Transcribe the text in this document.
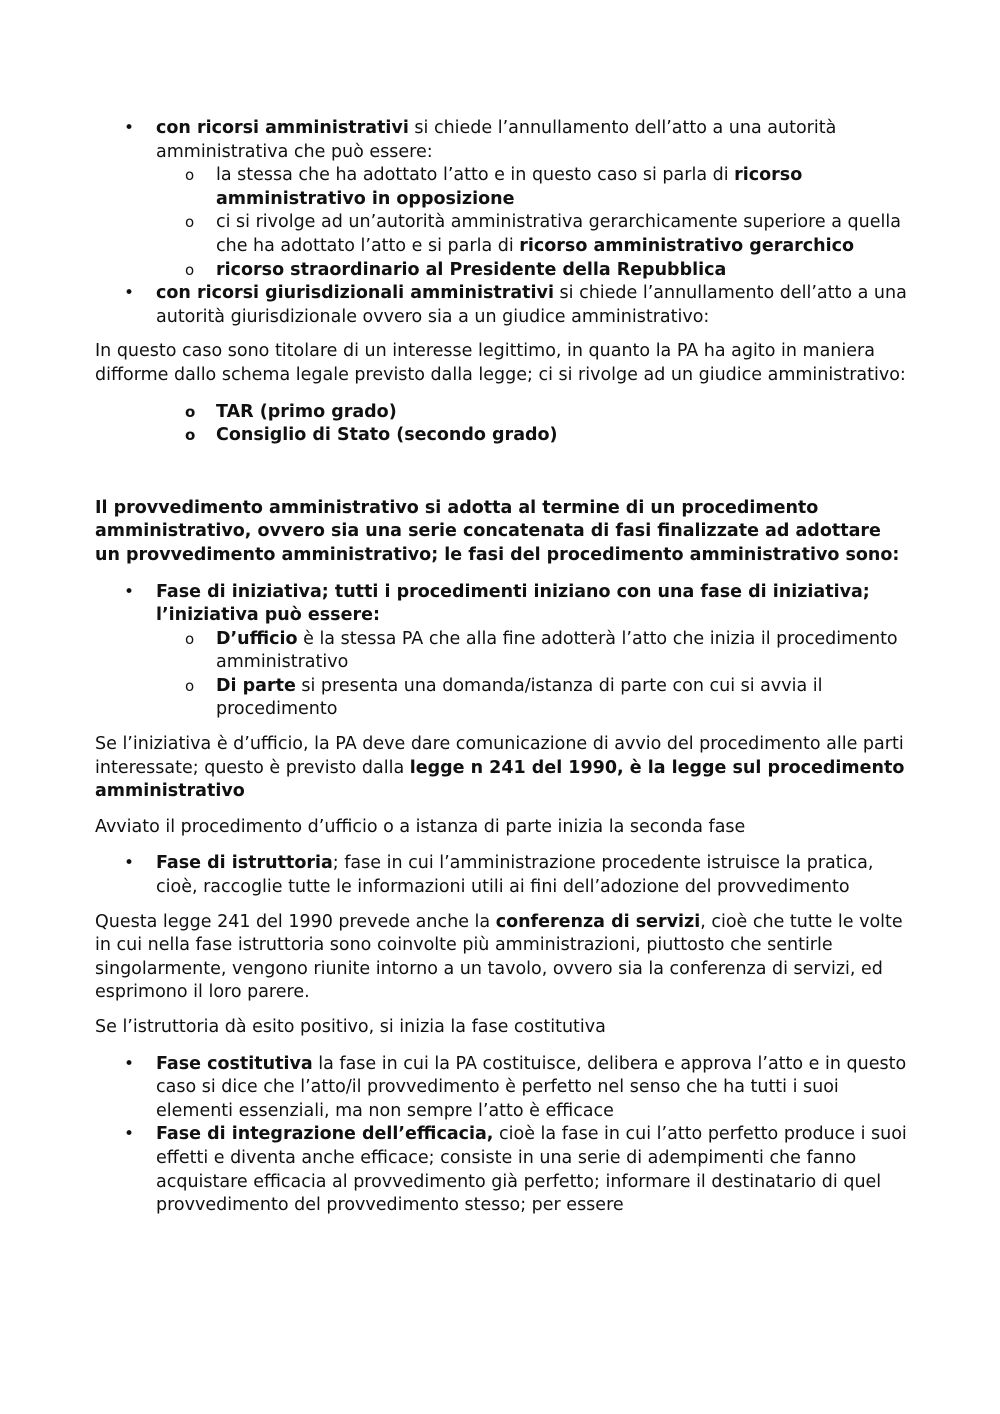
• con ricorsi amministrativi si chiede l’annullamento dell’atto a una autorità amministrativa che può essere:
o la stessa che ha adottato l’atto e in questo caso si parla di ricorso amministrativo in opposizione
o ci si rivolge ad un’autorità amministrativa gerarchicamente superiore a quella che ha adottato l’atto e si parla di ricorso amministrativo gerarchico
o ricorso straordinario al Presidente della Repubblica
• con ricorsi giurisdizionali amministrativi si chiede l’annullamento dell’atto a una autorità giurisdizionale ovvero sia a un giudice amministrativo:

In questo caso sono titolare di un interesse legittimo, in quanto la PA ha agito in maniera difforme dallo schema legale previsto dalla legge; ci si rivolge ad un giudice amministrativo:

o TAR (primo grado)
o Consiglio di Stato (secondo grado)

Il provvedimento amministrativo si adotta al termine di un procedimento amministrativo, ovvero sia una serie concatenata di fasi finalizzate ad adottare un provvedimento amministrativo; le fasi del procedimento amministrativo sono:

• Fase di iniziativa; tutti i procedimenti iniziano con una fase di iniziativa; l’iniziativa può essere:
o D’ufficio è la stessa PA che alla fine adotterà l’atto che inizia il procedimento amministrativo
o Di parte si presenta una domanda/istanza di parte con cui si avvia il procedimento

Se l’iniziativa è d’ufficio, la PA deve dare comunicazione di avvio del procedimento alle parti interessate; questo è previsto dalla legge n 241 del 1990, è la legge sul procedimento amministrativo

Avviato il procedimento d’ufficio o a istanza di parte inizia la seconda fase

• Fase di istruttoria; fase in cui l’amministrazione procedente istruisce la pratica, cioè, raccoglie tutte le informazioni utili ai fini dell’adozione del provvedimento

Questa legge 241 del 1990 prevede anche la conferenza di servizi, cioè che tutte le volte in cui nella fase istruttoria sono coinvolte più amministrazioni, piuttosto che sentirle singolarmente, vengono riunite intorno a un tavolo, ovvero sia la conferenza di servizi, ed esprimono il loro parere.

Se l’istruttoria dà esito positivo, si inizia la fase costitutiva

• Fase costitutiva la fase in cui la PA costituisce, delibera e approva l’atto e in questo caso si dice che l’atto/il provvedimento è perfetto nel senso che ha tutti i suoi elementi essenziali, ma non sempre l’atto è efficace
• Fase di integrazione dell’efficacia, cioè la fase in cui l’atto perfetto produce i suoi effetti e diventa anche efficace; consiste in una serie di adempimenti che fanno acquistare efficacia al provvedimento già perfetto; informare il destinatario di quel provvedimento del provvedimento stesso; per essere
